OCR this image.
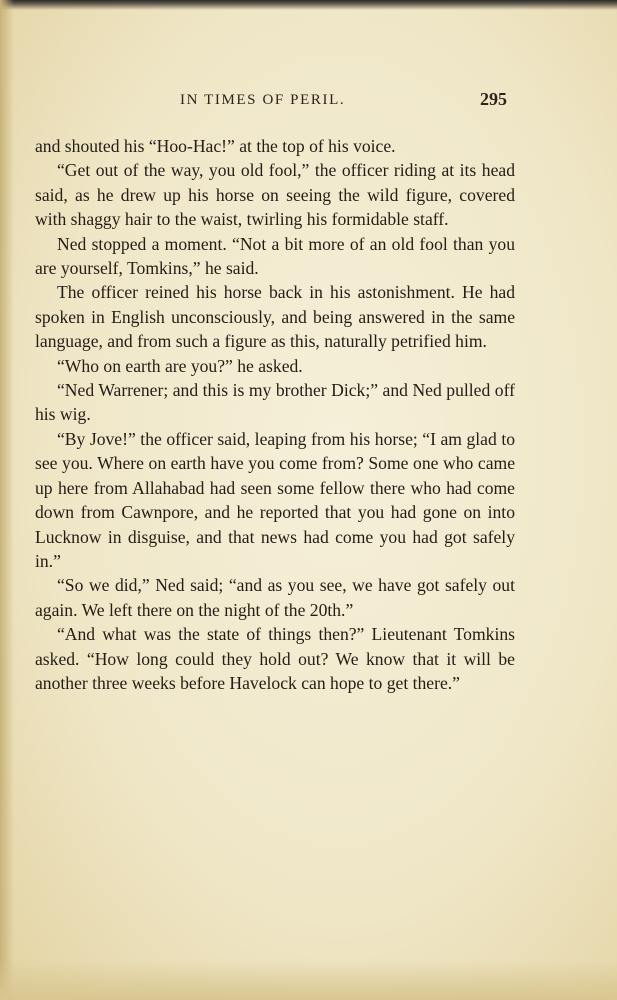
IN TIMES OF PERIL.	295

and shouted his “Hoo-Hac!” at the top of his voice.

“Get out of the way, you old fool,” the officer riding at its head said, as he drew up his horse on seeing the wild figure, covered with shaggy hair to the waist, twirling his formidable staff.

Ned stopped a moment. “Not a bit more of an old fool than you are yourself, Tomkins,” he said.

The officer reined his horse back in his astonishment. He had spoken in English unconsciously, and being answered in the same language, and from such a figure as this, naturally petrified him.

“Who on earth are you?” he asked.

“Ned Warrener; and this is my brother Dick;” and Ned pulled off his wig.

“By Jove!” the officer said, leaping from his horse; “I am glad to see you. Where on earth have you come from? Some one who came up here from Allahabad had seen some fellow there who had come down from Cawnpore, and he reported that you had gone on into Lucknow in disguise, and that news had come you had got safely in.”

“So we did,” Ned said; “and as you see, we have got safely out again. We left there on the night of the 20th.”

“And what was the state of things then?” Lieutenant Tomkins asked. “How long could they hold out? We know that it will be another three weeks before Havelock can hope to get there.”
